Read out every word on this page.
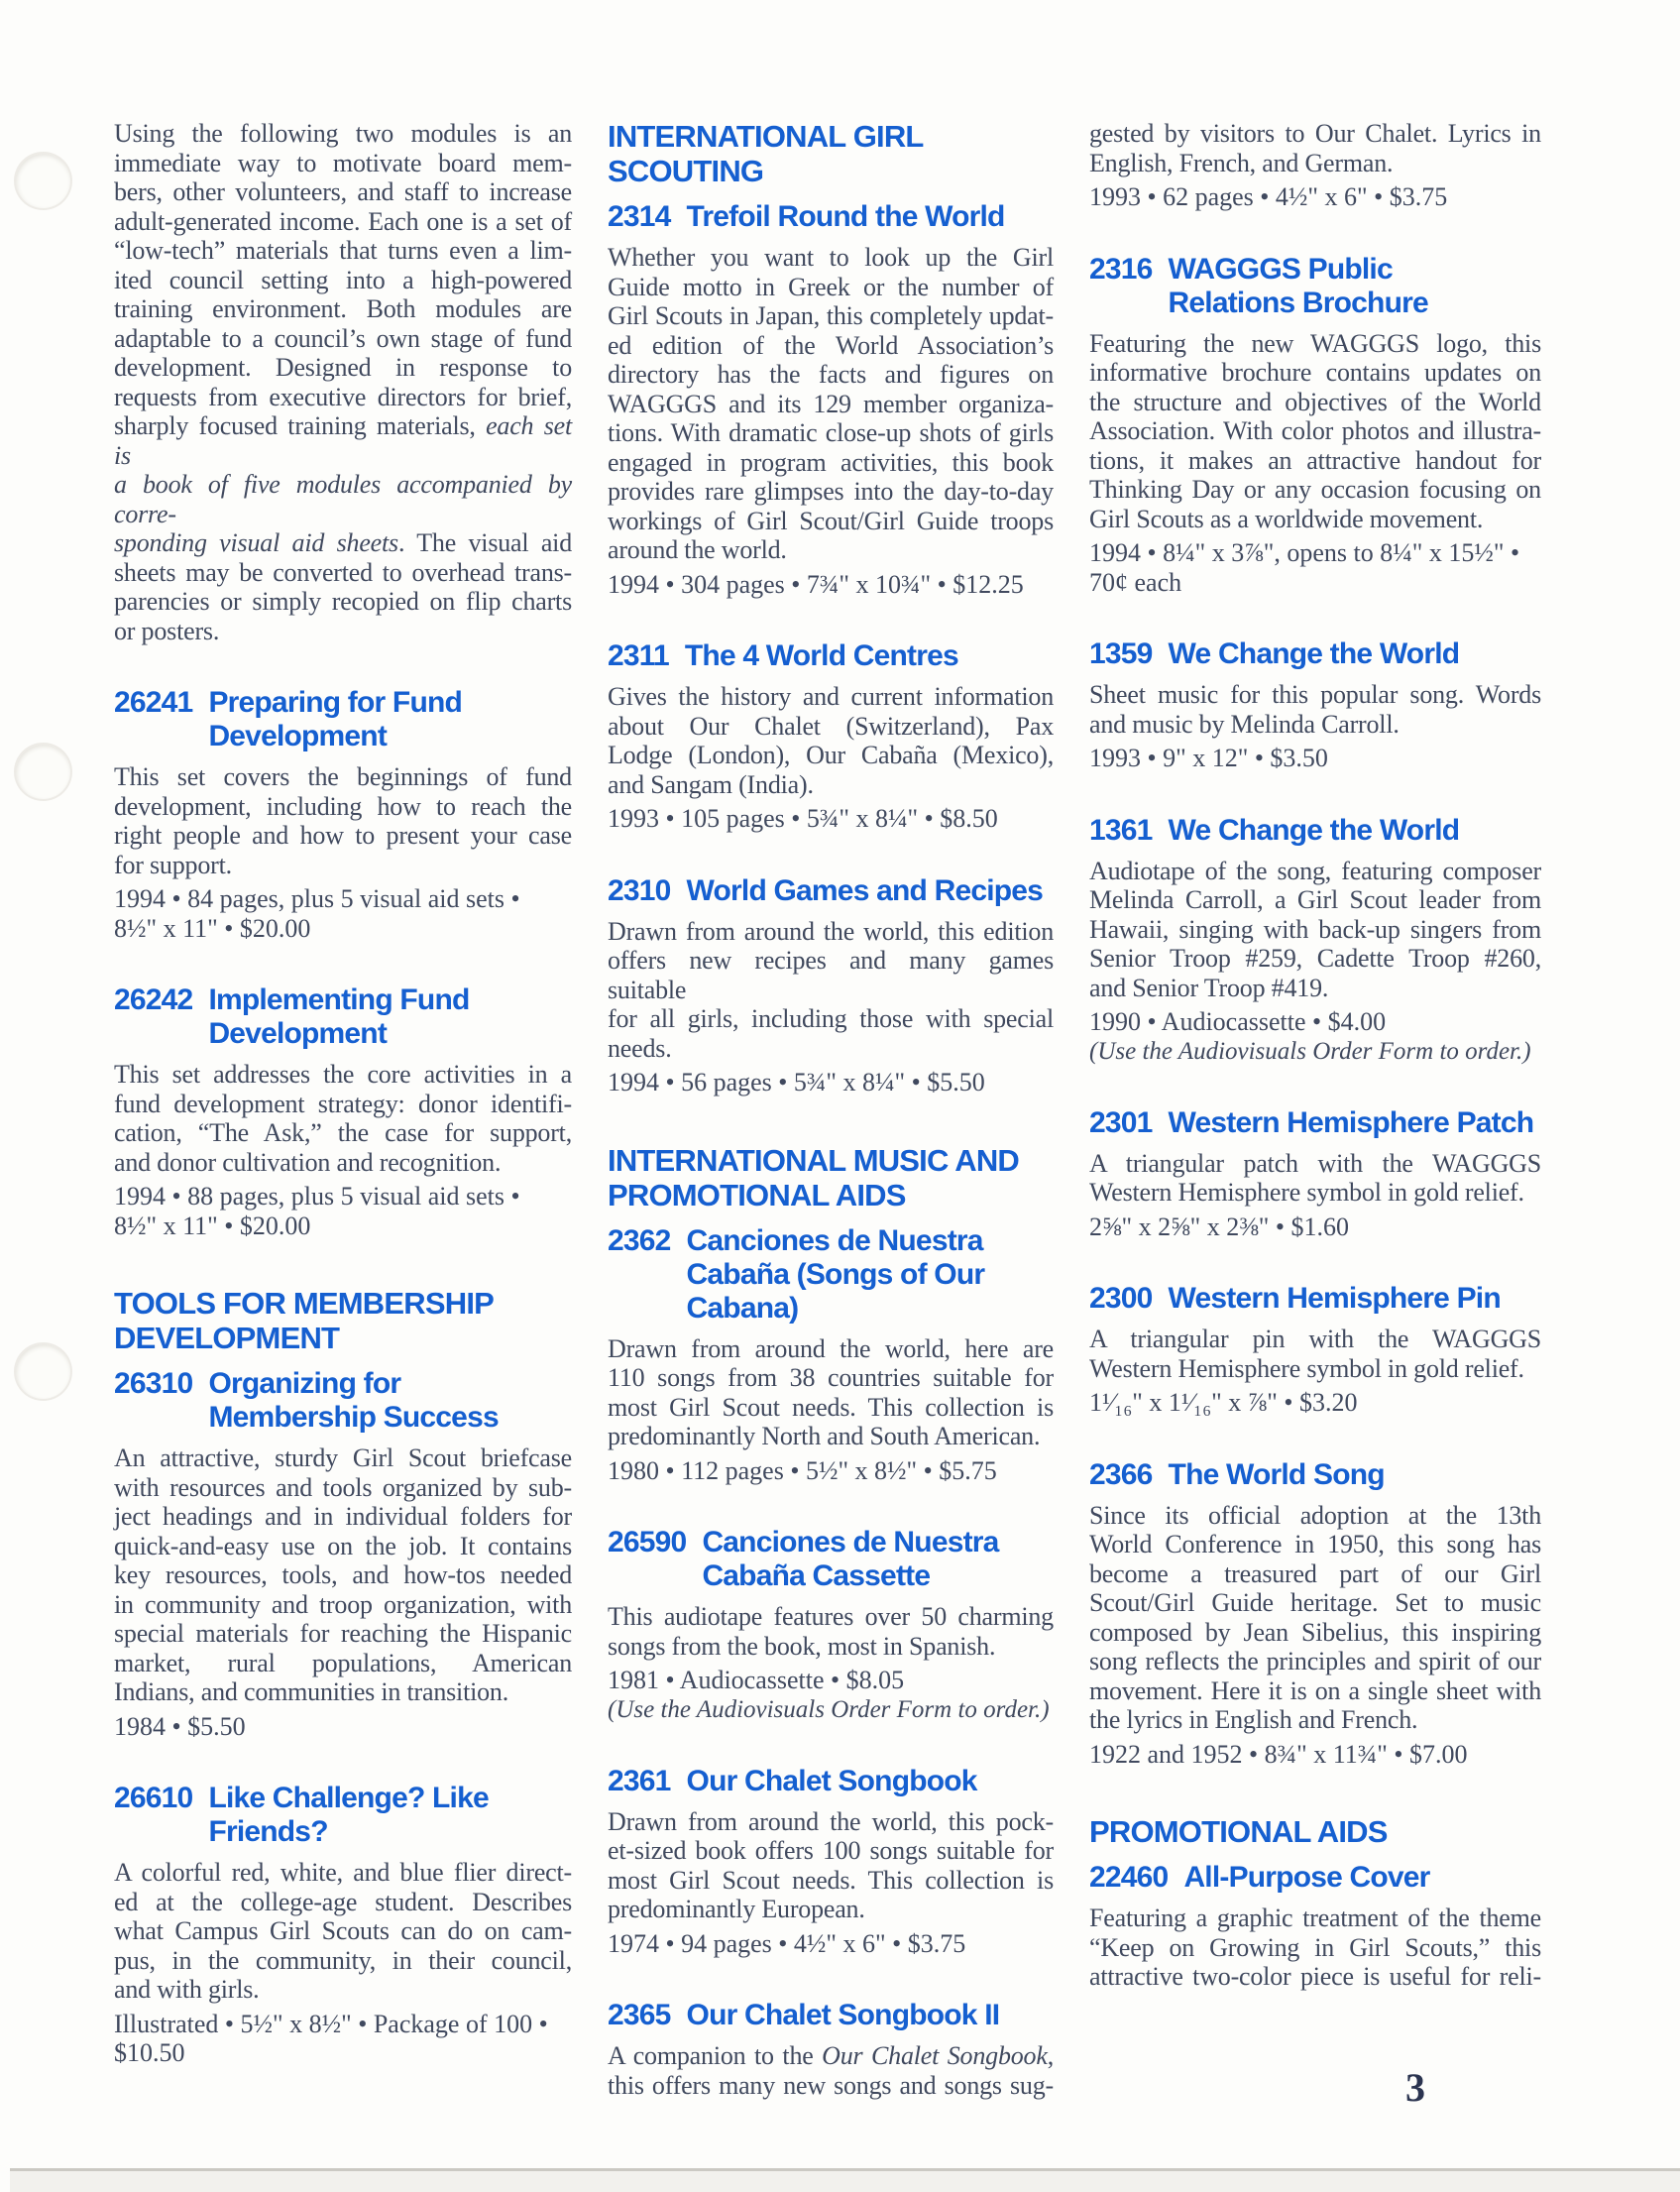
Using the following two modules is an
immediate way to motivate board mem-
bers, other volunteers, and staff to increase
adult-generated income. Each one is a set of
“low-tech” materials that turns even a lim-
ited council setting into a high-powered
training environment. Both modules are
adaptable to a council’s own stage of fund
development. Designed in response to
requests from executive directors for brief,
sharply focused training materials, each set is
a book of five modules accompanied by corre-
sponding visual aid sheets. The visual aid
sheets may be converted to overhead trans-
parencies or simply recopied on flip charts
or posters.
26241 Preparing for Fund
Development
This set covers the beginnings of fund
development, including how to reach the
right people and how to present your case
for support.
1994 • 84 pages, plus 5 visual aid sets •
8½" x 11" • $20.00
26242 Implementing Fund
Development
This set addresses the core activities in a
fund development strategy: donor identifi-
cation, “The Ask,” the case for support,
and donor cultivation and recognition.
1994 • 88 pages, plus 5 visual aid sets •
8½" x 11" • $20.00
TOOLS FOR MEMBERSHIP
DEVELOPMENT
26310 Organizing for
Membership Success
An attractive, sturdy Girl Scout briefcase
with resources and tools organized by sub-
ject headings and in individual folders for
quick-and-easy use on the job. It contains
key resources, tools, and how-tos needed
in community and troop organization, with
special materials for reaching the Hispanic
market, rural populations, American
Indians, and communities in transition.
1984 • $5.50
26610 Like Challenge? Like
Friends?
A colorful red, white, and blue flier direct-
ed at the college-age student. Describes
what Campus Girl Scouts can do on cam-
pus, in the community, in their council,
and with girls.
Illustrated • 5½" x 8½" • Package of 100 •
$10.50
INTERNATIONAL GIRL SCOUTING
2314 Trefoil Round the World
Whether you want to look up the Girl
Guide motto in Greek or the number of
Girl Scouts in Japan, this completely updat-
ed edition of the World Association’s
directory has the facts and figures on
WAGGGS and its 129 member organiza-
tions. With dramatic close-up shots of girls
engaged in program activities, this book
provides rare glimpses into the day-to-day
workings of Girl Scout/Girl Guide troops
around the world.
1994 • 304 pages • 7¾" x 10¾" • $12.25
2311 The 4 World Centres
Gives the history and current information
about Our Chalet (Switzerland), Pax
Lodge (London), Our Cabaña (Mexico),
and Sangam (India).
1993 • 105 pages • 5¾" x 8¼" • $8.50
2310 World Games and Recipes
Drawn from around the world, this edition
offers new recipes and many games suitable
for all girls, including those with special
needs.
1994 • 56 pages • 5¾" x 8¼" • $5.50
INTERNATIONAL MUSIC AND
PROMOTIONAL AIDS
2362 Canciones de Nuestra
Cabaña (Songs of Our
Cabana)
Drawn from around the world, here are
110 songs from 38 countries suitable for
most Girl Scout needs. This collection is
predominantly North and South American.
1980 • 112 pages • 5½" x 8½" • $5.75
26590 Canciones de Nuestra
Cabaña Cassette
This audiotape features over 50 charming
songs from the book, most in Spanish.
1981 • Audiocassette • $8.05
(Use the Audiovisuals Order Form to order.)
2361 Our Chalet Songbook
Drawn from around the world, this pock-
et-sized book offers 100 songs suitable for
most Girl Scout needs. This collection is
predominantly European.
1974 • 94 pages • 4½" x 6" • $3.75
2365 Our Chalet Songbook II
A companion to the Our Chalet Songbook,
this offers many new songs and songs sug-
gested by visitors to Our Chalet. Lyrics in
English, French, and German.
1993 • 62 pages • 4½" x 6" • $3.75
2316 WAGGGS Public
Relations Brochure
Featuring the new WAGGGS logo, this
informative brochure contains updates on
the structure and objectives of the World
Association. With color photos and illustra-
tions, it makes an attractive handout for
Thinking Day or any occasion focusing on
Girl Scouts as a worldwide movement.
1994 • 8¼" x 3⅞", opens to 8¼" x 15½" •
70¢ each
1359 We Change the World
Sheet music for this popular song. Words
and music by Melinda Carroll.
1993 • 9" x 12" • $3.50
1361 We Change the World
Audiotape of the song, featuring composer
Melinda Carroll, a Girl Scout leader from
Hawaii, singing with back-up singers from
Senior Troop #259, Cadette Troop #260,
and Senior Troop #419.
1990 • Audiocassette • $4.00
(Use the Audiovisuals Order Form to order.)
2301 Western Hemisphere Patch
A triangular patch with the WAGGGS
Western Hemisphere symbol in gold relief.
2⅝" x 2⅝" x 2⅜" • $1.60
2300 Western Hemisphere Pin
A triangular pin with the WAGGGS
Western Hemisphere symbol in gold relief.
1¹⁄₁₆" x 1¹⁄₁₆" x ⅞" • $3.20
2366 The World Song
Since its official adoption at the 13th
World Conference in 1950, this song has
become a treasured part of our Girl
Scout/Girl Guide heritage. Set to music
composed by Jean Sibelius, this inspiring
song reflects the principles and spirit of our
movement. Here it is on a single sheet with
the lyrics in English and French.
1922 and 1952 • 8¾" x 11¾" • $7.00
PROMOTIONAL AIDS
22460 All-Purpose Cover
Featuring a graphic treatment of the theme
“Keep on Growing in Girl Scouts,” this
attractive two-color piece is useful for reli-
3
